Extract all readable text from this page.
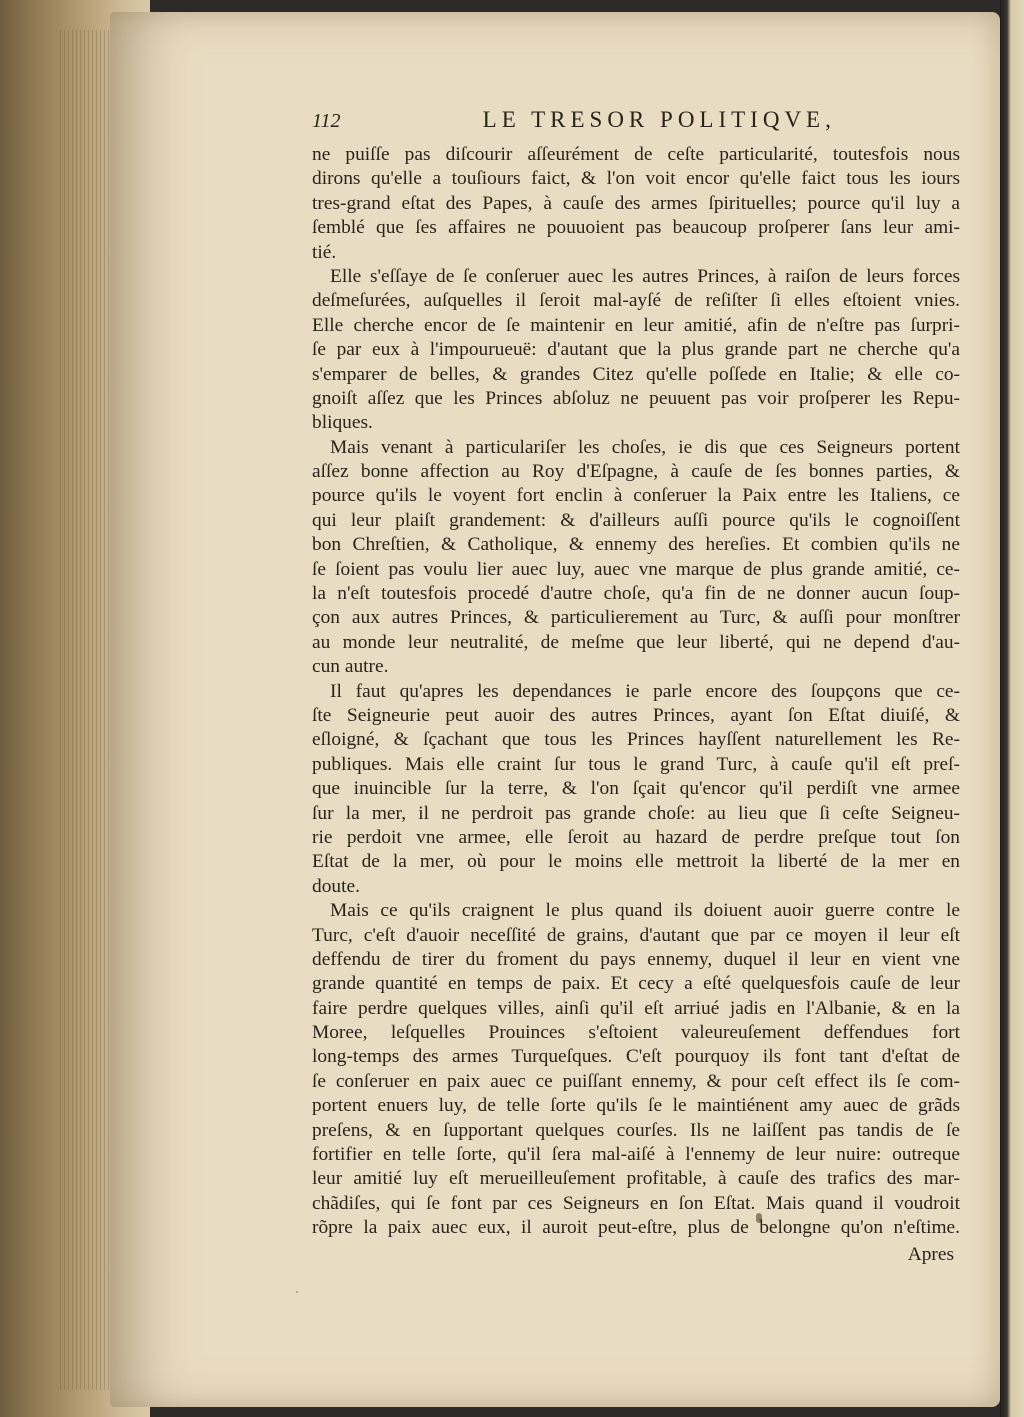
112	LE TRESOR POLITIQVE,
ne puiſſe pas diſcourir aſſeurément de ceſte particularité, toutesfois nous
dirons qu'elle a touſiours faict, & l'on voit encor qu'elle faict tous les iours
tres-grand eſtat des Papes, à cauſe des armes ſpirituelles; pource qu'il luy a
ſemblé que ſes affaires ne pouuoient pas beaucoup proſperer ſans leur ami-
tié.
Elle s'eſſaye de ſe conſeruer auec les autres Princes, à raiſon de leurs forces
deſmeſurées, auſquelles il ſeroit mal-ayſé de reſiſter ſi elles eſtoient vnies.
Elle cherche encor de ſe maintenir en leur amitié, afin de n'eſtre pas ſurpri-
ſe par eux à l'impourueuë: d'autant que la plus grande part ne cherche qu'a
s'emparer de belles, & grandes Citez qu'elle poſſede en Italie; & elle co-
gnoiſt aſſez que les Princes abſoluz ne peuuent pas voir proſperer les Repu-
bliques.
Mais venant à particulariſer les choſes, ie dis que ces Seigneurs portent
aſſez bonne affection au Roy d'Eſpagne, à cauſe de ſes bonnes parties, &
pource qu'ils le voyent fort enclin à conſeruer la Paix entre les Italiens, ce
qui leur plaiſt grandement: & d'ailleurs auſſi pource qu'ils le cognoiſſent
bon Chreſtien, & Catholique, & ennemy des hereſies. Et combien qu'ils ne
ſe ſoient pas voulu lier auec luy, auec vne marque de plus grande amitié, ce-
la n'eſt toutesfois procedé d'autre choſe, qu'a fin de ne donner aucun ſoup-
çon aux autres Princes, & particulierement au Turc, & auſſi pour monſtrer
au monde leur neutralité, de meſme que leur liberté, qui ne depend d'au-
cun autre.
Il faut qu'apres les dependances ie parle encore des ſoupçons que ce-
ſte Seigneurie peut auoir des autres Princes, ayant ſon Eſtat diuiſé, &
eſloigné, & ſçachant que tous les Princes hayſſent naturellement les Re-
publiques. Mais elle craint ſur tous le grand Turc, à cauſe qu'il eſt preſ-
que inuincible ſur la terre, & l'on ſçait qu'encor qu'il perdiſt vne armee
ſur la mer, il ne perdroit pas grande choſe: au lieu que ſi ceſte Seigneu-
rie perdoit vne armee, elle ſeroit au hazard de perdre preſque tout ſon
Eſtat de la mer, où pour le moins elle mettroit la liberté de la mer en
doute.
Mais ce qu'ils craignent le plus quand ils doiuent auoir guerre contre le
Turc, c'eſt d'auoir neceſſité de grains, d'autant que par ce moyen il leur eſt
deffendu de tirer du froment du pays ennemy, duquel il leur en vient vne
grande quantité en temps de paix. Et cecy a eſté quelquesfois cauſe de leur
faire perdre quelques villes, ainſi qu'il eſt arriué jadis en l'Albanie, & en la
Moree, leſquelles Prouinces s'eſtoient valeureuſement deffendues fort
long-temps des armes Turqueſques. C'eſt pourquoy ils font tant d'eſtat de
ſe conſeruer en paix auec ce puiſſant ennemy, & pour ceſt effect ils ſe com-
portent enuers luy, de telle ſorte qu'ils ſe le maintiénent amy auec de grãds
preſens, & en ſupportant quelques courſes. Ils ne laiſſent pas tandis de ſe
fortifier en telle ſorte, qu'il ſera mal-aiſé à l'ennemy de leur nuire: outreque
leur amitié luy eſt merueilleuſement profitable, à cauſe des trafics des mar-
chãdiſes, qui ſe font par ces Seigneurs en ſon Eſtat. Mais quand il voudroit
rõpre la paix auec eux, il auroit peut-eſtre, plus de belongne qu'on n'eſtime.
Apres
